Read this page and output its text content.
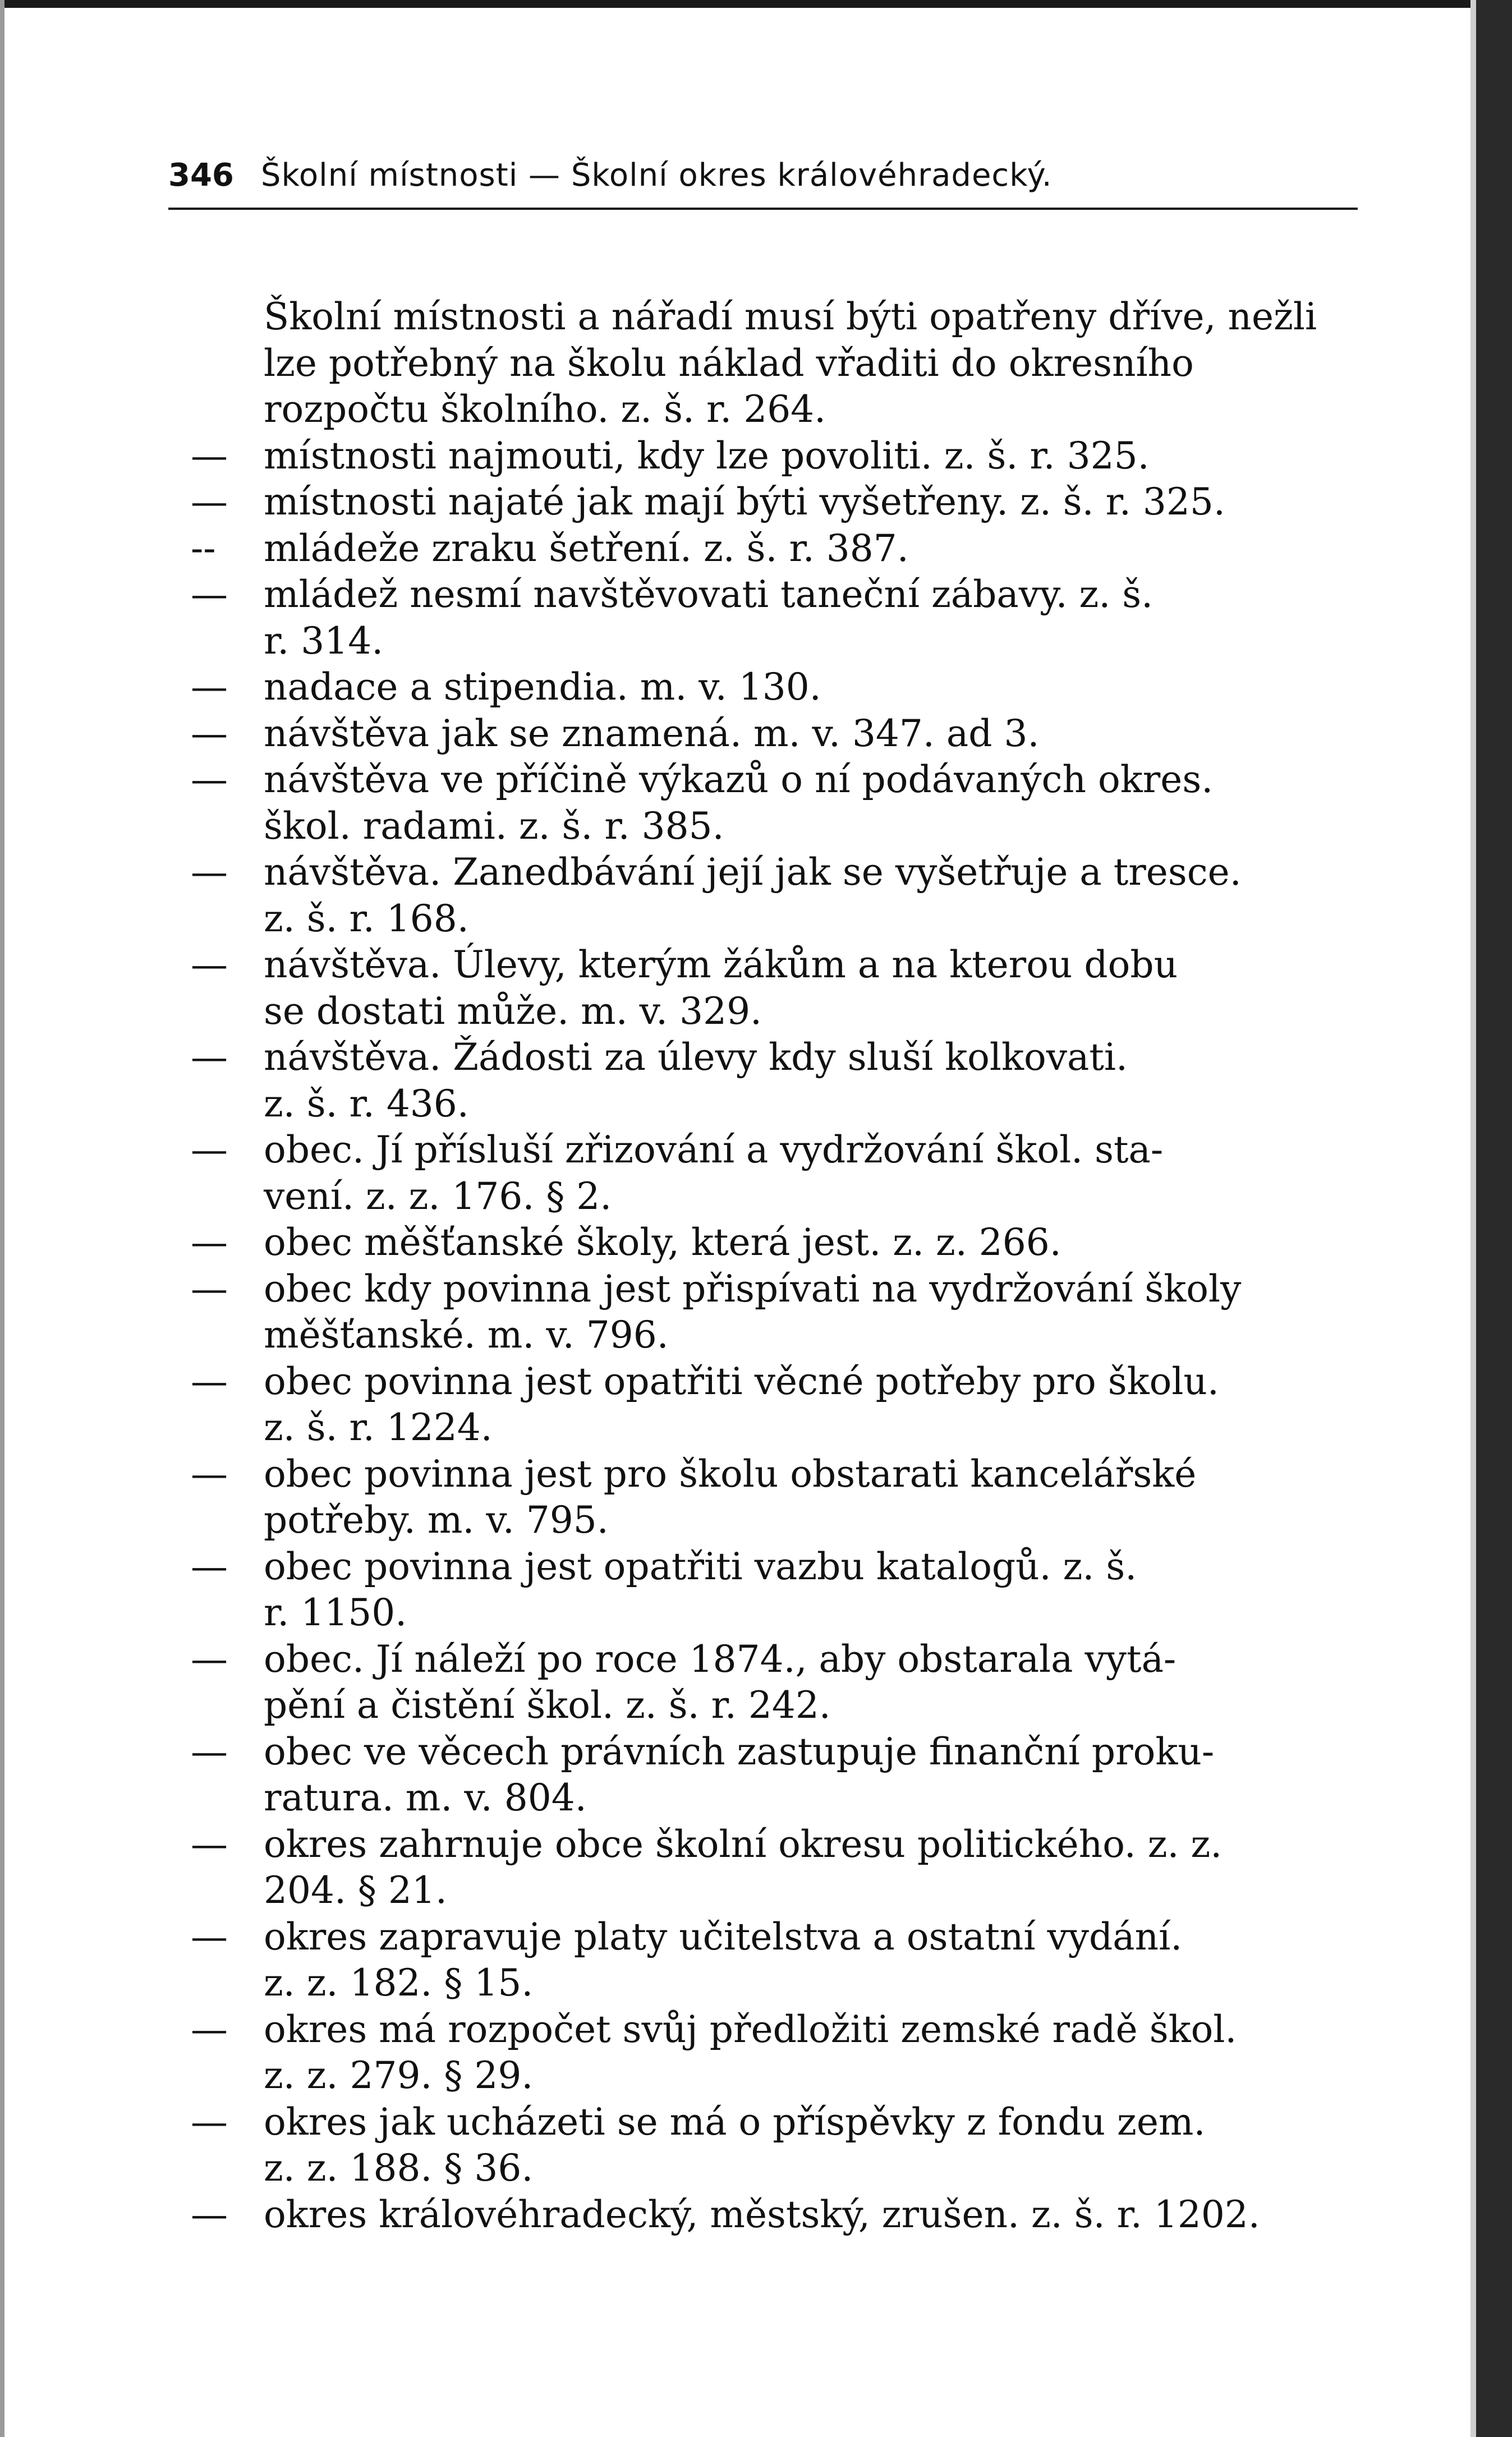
346 Školní místnosti — Školní okres královéhradecký.
Školní místnosti a nářadí musí býti opatřeny dříve, nežli
lze potřebný na školu náklad vřaditi do okresního
rozpočtu školního. z. š. r. 264.
— místnosti najmouti, kdy lze povoliti. z. š. r. 325.
— místnosti najaté jak mají býti vyšetřeny. z. š. r. 325.
-- mládeže zraku šetření. z. š. r. 387.
— mládež nesmí navštěvovati taneční zábavy. z. š.
r. 314.
— nadace a stipendia. m. v. 130.
— návštěva jak se znamená. m. v. 347. ad 3.
— návštěva ve příčině výkazů o ní podávaných okres.
škol. radami. z. š. r. 385.
— návštěva. Zanedbávání její jak se vyšetřuje a tresce.
z. š. r. 168.
— návštěva. Úlevy, kterým žákům a na kterou dobu
se dostati může. m. v. 329.
— návštěva. Žádosti za úlevy kdy sluší kolkovati.
z. š. r. 436.
— obec. Jí přísluší zřizování a vydržování škol. sta-
vení. z. z. 176. § 2.
— obec měšťanské školy, která jest. z. z. 266.
— obec kdy povinna jest přispívati na vydržování školy
měšťanské. m. v. 796.
— obec povinna jest opatřiti věcné potřeby pro školu.
z. š. r. 1224.
— obec povinna jest pro školu obstarati kancelářské
potřeby. m. v. 795.
— obec povinna jest opatřiti vazbu katalogů. z. š.
r. 1150.
— obec. Jí náleží po roce 1874., aby obstarala vytá-
pění a čistění škol. z. š. r. 242.
— obec ve věcech právních zastupuje finanční proku-
ratura. m. v. 804.
— okres zahrnuje obce školní okresu politického. z. z.
204. § 21.
— okres zapravuje platy učitelstva a ostatní vydání.
z. z. 182. § 15.
— okres má rozpočet svůj předložiti zemské radě škol.
z. z. 279. § 29.
— okres jak ucházeti se má o příspěvky z fondu zem.
z. z. 188. § 36.
— okres královéhradecký, městský, zrušen. z. š. r. 1202.
